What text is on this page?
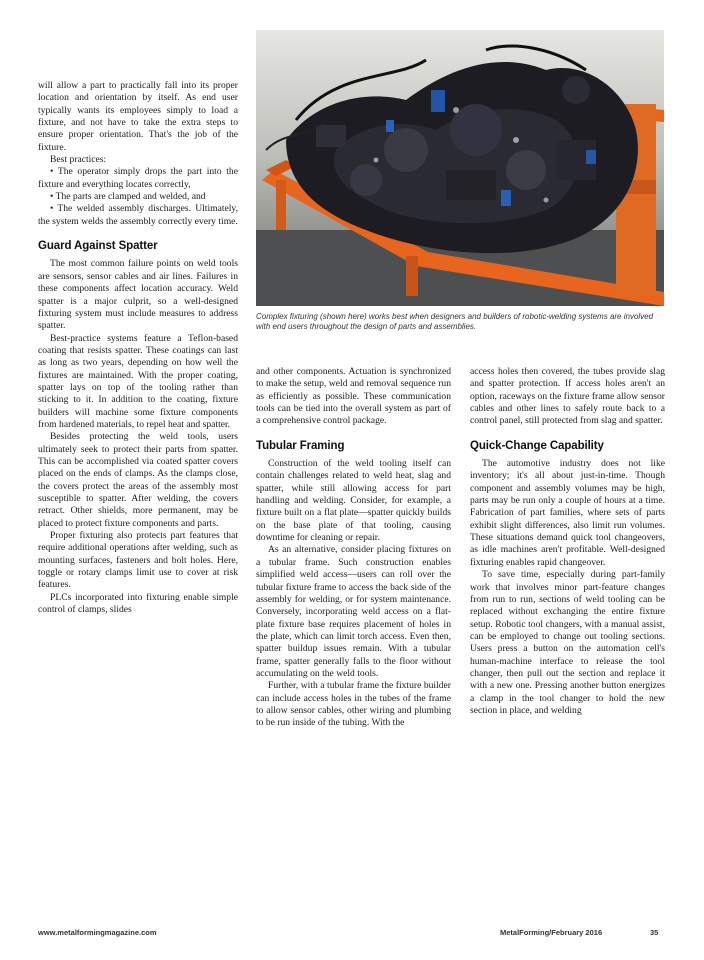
will allow a part to practically fall into its proper location and orientation by itself. As end user typically wants its employees simply to load a fixture, and not have to take the extra steps to ensure proper orientation. That's the job of the fixture.

Best practices:

• The operator simply drops the part into the fixture and everything locates correctly,

• The parts are clamped and welded, and

• The welded assembly discharges. Ultimately, the system welds the assembly correctly every time.

Guard Against Spatter

The most common failure points on weld tools are sensors, sensor cables and air lines. Failures in these components affect location accuracy. Weld spatter is a major culprit, so a well-designed fixturing system must include measures to address spatter.

Best-practice systems feature a Teflon-based coating that resists spatter. These coatings can last as long as two years, depending on how well the fixtures are maintained. With the proper coating, spatter lays on top of the tooling rather than sticking to it. In addition to the coating, fixture builders will machine some fixture components from hardened materials, to repel heat and spatter.

Besides protecting the weld tools, users ultimately seek to protect their parts from spatter. This can be accomplished via coated spatter covers placed on the ends of clamps. As the clamps close, the covers protect the areas of the assembly most susceptible to spatter. After welding, the covers retract. Other shields, more permanent, may be placed to protect fixture components and parts.

Proper fixturing also protects part features that require additional operations after welding, such as mounting surfaces, fasteners and bolt holes. Here, toggle or rotary clamps limit use to cover at risk features.

PLCs incorporated into fixturing enable simple control of clamps, slides

Complex fixturing (shown here) works best when designers and builders of robotic-welding systems are involved with end users throughout the design of parts and assemblies.

and other components. Actuation is synchronized to make the setup, weld and removal sequence run as efficiently as possible. These communication tools can be tied into the overall system as part of a comprehensive control package.

Tubular Framing

Construction of the weld tooling itself can contain challenges related to weld heat, slag and spatter, while still allowing access for part handling and welding. Consider, for example, a fixture built on a flat plate—spatter quickly builds on the base plate of that tooling, causing downtime for cleaning or repair.

As an alternative, consider placing fixtures on a tubular frame. Such construction enables simplified weld access—users can roll over the tubular fixture frame to access the back side of the assembly for welding, or for system maintenance. Conversely, incorporating weld access on a flat-plate fixture base requires placement of holes in the plate, which can limit torch access. Even then, spatter buildup issues remain. With a tubular frame, spatter generally falls to the floor without accumulating on the weld tools.

Further, with a tubular frame the fixture builder can include access holes in the tubes of the frame to allow sensor cables, other wiring and plumbing to be run inside of the tubing. With the

access holes then covered, the tubes provide slag and spatter protection. If access holes aren't an option, raceways on the fixture frame allow sensor cables and other lines to safely route back to a control panel, still protected from slag and spatter.

Quick-Change Capability

The automotive industry does not like inventory; it's all about just-in-time. Though component and assembly volumes may be high, parts may be run only a couple of hours at a time. Fabrication of part families, where sets of parts exhibit slight differences, also limit run volumes. These situations demand quick tool changeovers, as idle machines aren't profitable. Well-designed fixturing enables rapid changeover.

To save time, especially during part-family work that involves minor part-feature changes from run to run, sections of weld tooling can be replaced without exchanging the entire fixture setup. Robotic tool changers, with a manual assist, can be employed to change out tooling sections. Users press a button on the automation cell's human-machine interface to release the tool changer, then pull out the section and replace it with a new one. Pressing another button energizes a clamp in the tool changer to hold the new section in place, and welding

www.metalformingmagazine.com	MetalForming/February 2016	35
